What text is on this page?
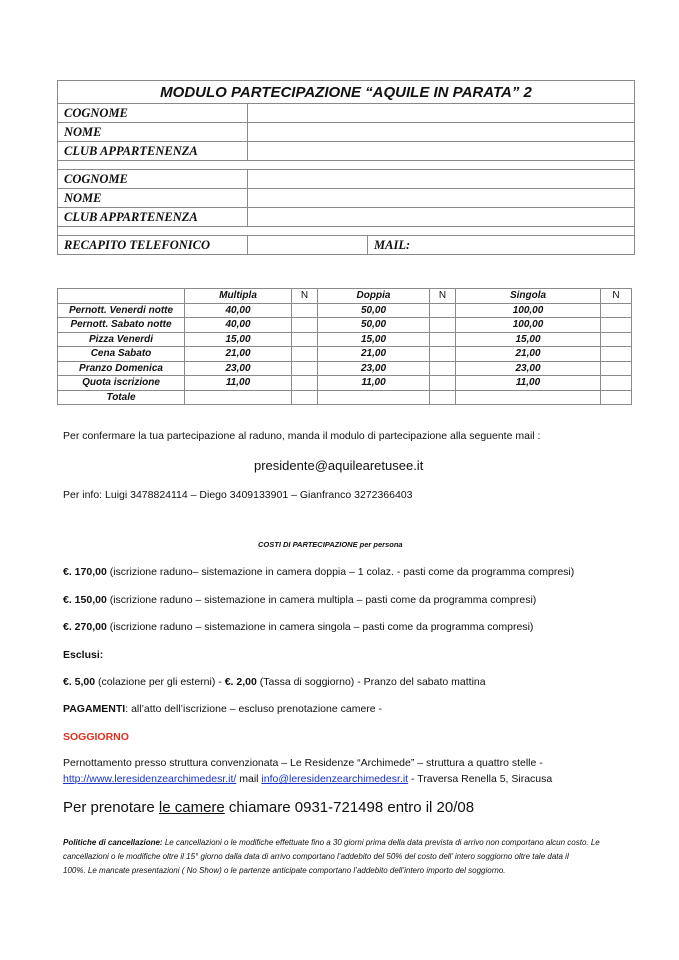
MODULO PARTECIPAZIONE “AQUILE IN PARATA” 2		
COGNOME		
NOME		
CLUB APPARTENENZA		

COGNOME		
NOME		
CLUB APPARTENENZA		

RECAPITO TELEFONICO		MAIL:
	Multipla	N	Doppia	N	Singola	N
Pernott. Venerdi notte	40,00		50,00		100,00	
Pernott. Sabato notte	40,00		50,00		100,00	
Pizza Venerdi	15,00		15,00		15,00	
Cena Sabato	21,00		21,00		21,00	
Pranzo Domenica	23,00		23,00		23,00	
Quota iscrizione	11,00		11,00		11,00	
Totale						
Per confermare la tua partecipazione al raduno, manda il modulo di partecipazione alla seguente mail :
presidente@aquilearetusee.it
Per info: Luigi 3478824114 – Diego 3409133901 – Gianfranco 3272366403
COSTI DI PARTECIPAZIONE per persona
€. 170,00 (iscrizione raduno– sistemazione in camera doppia – 1 colaz. - pasti come da programma compresi)
€. 150,00 (iscrizione raduno – sistemazione in camera multipla – pasti come da programma compresi)
€. 270,00 (iscrizione raduno – sistemazione in camera singola – pasti come da programma compresi)
Esclusi:
€. 5,00 (colazione per gli esterni) - €. 2,00 (Tassa di soggiorno) - Pranzo del sabato mattina
PAGAMENTI: all’atto dell’iscrizione – escluso prenotazione camere -
SOGGIORNO
Pernottamento presso struttura convenzionata – Le Residenze “Archimede” – struttura a quattro stelle -
http://www.leresidenzearchimedesr.it/ mail info@leresidenzearchimedesr.it - Traversa Renella 5, Siracusa
Per prenotare le camere chiamare 0931-721498 entro il 20/08
Politiche di cancellazione: Le cancellazioni o le modifiche effettuate fino a 30 giorni prima della data prevista di arrivo non comportano alcun costo. Le
cancellazioni o le modifiche oltre il 15° giorno dalla data di arrivo comportano l’addebito del 50% del costo dell’ intero soggiorno oltre tale data il
100%. Le mancate presentazioni ( No Show) o le partenze anticipate comportano l’addebito dell’intero importo del soggiorno.
